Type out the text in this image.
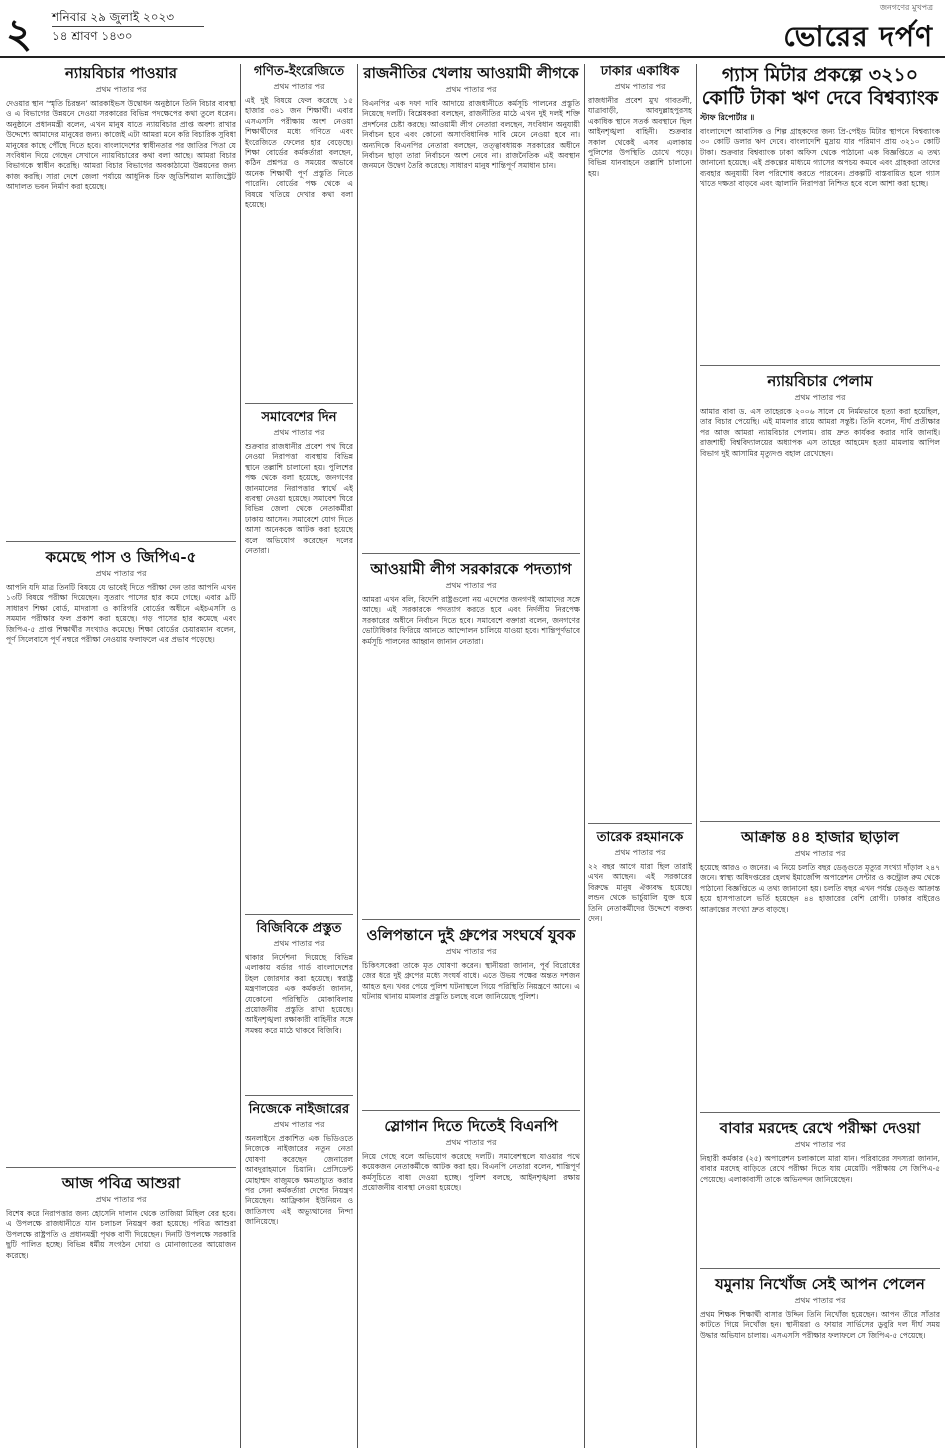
২ শনিবার ২৯ জুলাই ২০২৩
১৪ শ্রাবণ ১৪৩০
জনগণের মুখপত্র
ভোরের দর্পণ
ন্যায়বিচার পাওয়ার
প্রথম পাতার পর
দেওয়ার স্থান ‘স্মৃতি চিরন্তন’ আরকাইভস উদ্বোধন অনুষ্ঠানে তিনি বিচার ব্যবস্থা ও এ বিভাগের উন্নয়নে দেওয়া সরকারের বিভিন্ন পদক্ষেপের কথা তুলে ধরেন। অনুষ্ঠানে প্রধানমন্ত্রী বলেন, এখন মানুষ যাতে ন্যায়বিচার প্রাপ্ত অবশ্য রাখার উদ্দেশ্যে আমাদের মানুষের জন্য। কাজেই এটা আমরা মনে করি বিচারিক সুবিধা মানুষের কাছে পৌঁছে দিতে হবে। বাংলাদেশের স্বাধীনতার পর জাতির পিতা যে সংবিধান দিয়ে গেছেন সেখানে ন্যায়বিচারের কথা বলা আছে। আমরা বিচার বিভাগকে স্বাধীন করেছি। আমরা বিচার বিভাগের অবকাঠামো উন্নয়নের জন্য কাজ করছি। সারা দেশে জেলা পর্যায়ে আধুনিক চিফ জুডিশিয়াল ম্যাজিস্ট্রেট আদালত ভবন নির্মাণ করা হয়েছে।
কমেছে পাস ও জিপিএ-৫
প্রথম পাতার পর
আপনি যদি মাত্র তিনটি বিষয়ে যে ভাবেই দিতে পরীক্ষা দেন তার আপনি এখন ১৩টি বিষয়ে পরীক্ষা দিয়েছেন। সুতরাং পাসের হার কমে গেছে। এবার ৯টি সাধারণ শিক্ষা বোর্ড, মাদরাসা ও কারিগরি বোর্ডের অধীনে এইচএসসি ও সমমান পরীক্ষার ফল প্রকাশ করা হয়েছে। গড় পাসের হার কমেছে এবং জিপিএ-৫ প্রাপ্ত শিক্ষার্থীর সংখ্যাও কমেছে। শিক্ষা বোর্ডের চেয়ারম্যান বলেন, পূর্ণ সিলেবাসে পূর্ণ নম্বরে পরীক্ষা নেওয়ায় ফলাফলে এর প্রভাব পড়েছে।
আজ পবিত্র আশুরা
প্রথম পাতার পর
বিশেষ করে নিরাপত্তার জন্য হোসেনি দালান থেকে তাজিয়া মিছিল বের হবে। এ উপলক্ষে রাজধানীতে যান চলাচল নিয়ন্ত্রণ করা হয়েছে। পবিত্র আশুরা উপলক্ষে রাষ্ট্রপতি ও প্রধানমন্ত্রী পৃথক বাণী দিয়েছেন। দিনটি উপলক্ষে সরকারি ছুটি পালিত হচ্ছে। বিভিন্ন ধর্মীয় সংগঠন দোয়া ও মোনাজাতের আয়োজন করেছে।
গণিত-ইংরেজিতে
প্রথম পাতার পর
এই দুই বিষয়ে ফেল করেছে ১৫ হাজার ৩৪১ জন শিক্ষার্থী। এবার এসএসসি পরীক্ষায় অংশ নেওয়া শিক্ষার্থীদের মধ্যে গণিতে এবং ইংরেজিতে ফেলের হার বেড়েছে। শিক্ষা বোর্ডের কর্মকর্তারা বলছেন, কঠিন প্রশ্নপত্র ও সময়ের অভাবে অনেক শিক্ষার্থী পূর্ণ প্রস্তুতি নিতে পারেনি। বোর্ডের পক্ষ থেকে এ বিষয়ে খতিয়ে দেখার কথা বলা হয়েছে।
সমাবেশের দিন
প্রথম পাতার পর
শুক্রবার রাজধানীর প্রবেশ পথ ঘিরে নেওয়া নিরাপত্তা ব্যবস্থায় বিভিন্ন স্থানে তল্লাশি চালানো হয়। পুলিশের পক্ষ থেকে বলা হয়েছে, জনগণের জানমালের নিরাপত্তার স্বার্থে এই ব্যবস্থা নেওয়া হয়েছে। সমাবেশ ঘিরে বিভিন্ন জেলা থেকে নেতাকর্মীরা ঢাকায় আসেন। সমাবেশে যোগ দিতে আসা অনেককে আটক করা হয়েছে বলে অভিযোগ করেছেন দলের নেতারা।
বিজিবিকে প্রস্তুত
প্রথম পাতার পর
থাকার নির্দেশনা দিয়েছে বিভিন্ন এলাকায় বর্ডার গার্ড বাংলাদেশের টহল জোরদার করা হয়েছে। স্বরাষ্ট্র মন্ত্রণালয়ের এক কর্মকর্তা জানান, যেকোনো পরিস্থিতি মোকাবিলায় প্রয়োজনীয় প্রস্তুতি রাখা হয়েছে। আইনশৃঙ্খলা রক্ষাকারী বাহিনীর সঙ্গে সমন্বয় করে মাঠে থাকবে বিজিবি।
নিজেকে নাইজারের
প্রথম পাতার পর
অনলাইনে প্রকাশিত এক ভিডিওতে নিজেকে নাইজারের নতুন নেতা ঘোষণা করেছেন জেনারেল আবদুরাহমানে চিয়ানি। প্রেসিডেন্ট মোহাম্মদ বাজুমকে ক্ষমতাচ্যুত করার পর সেনা কর্মকর্তারা দেশের নিয়ন্ত্রণ নিয়েছেন। আফ্রিকান ইউনিয়ন ও জাতিসংঘ এই অভ্যুত্থানের নিন্দা জানিয়েছে।
রাজনীতির খেলায় আওয়ামী লীগকে
প্রথম পাতার পর
বিএনপির এক দফা দাবি আদায়ে রাজধানীতে কর্মসূচি পালনের প্রস্তুতি নিয়েছে দলটি। বিশ্লেষকরা বলছেন, রাজনীতির মাঠে এখন দুই দলই শক্তি প্রদর্শনের চেষ্টা করছে। আওয়ামী লীগ নেতারা বলছেন, সংবিধান অনুযায়ী নির্বাচন হবে এবং কোনো অসাংবিধানিক দাবি মেনে নেওয়া হবে না। অন্যদিকে বিএনপির নেতারা বলছেন, তত্ত্বাবধায়ক সরকারের অধীনে নির্বাচন ছাড়া তারা নির্বাচনে অংশ নেবে না। রাজনৈতিক এই অবস্থান জনমনে উদ্বেগ তৈরি করেছে। সাধারণ মানুষ শান্তিপূর্ণ সমাধান চান।
আওয়ামী লীগ সরকারকে পদত্যাগ
প্রথম পাতার পর
আমরা এখন বলি, বিদেশি রাষ্ট্রগুলো নয় এদেশের জনগণই আমাদের সঙ্গে আছে। এই সরকারকে পদত্যাগ করতে হবে এবং নির্দলীয় নিরপেক্ষ সরকারের অধীনে নির্বাচন দিতে হবে। সমাবেশে বক্তারা বলেন, জনগণের ভোটাধিকার ফিরিয়ে আনতে আন্দোলন চালিয়ে যাওয়া হবে। শান্তিপূর্ণভাবে কর্মসূচি পালনের আহ্বান জানান নেতারা।
ওলিপন্তানে দুই গ্রুপের সংঘর্ষে যুবক
প্রথম পাতার পর
চিকিৎসকেরা তাকে মৃত ঘোষণা করেন। স্থানীয়রা জানান, পূর্ব বিরোধের জের ধরে দুই গ্রুপের মধ্যে সংঘর্ষ বাধে। এতে উভয় পক্ষের অন্তত দশজন আহত হন। খবর পেয়ে পুলিশ ঘটনাস্থলে গিয়ে পরিস্থিতি নিয়ন্ত্রণে আনে। এ ঘটনায় থানায় মামলার প্রস্তুতি চলছে বলে জানিয়েছে পুলিশ।
স্লোগান দিতে দিতেই বিএনপি
প্রথম পাতার পর
নিয়ে গেছে বলে অভিযোগ করেছে দলটি। সমাবেশস্থলে যাওয়ার পথে কয়েকজন নেতাকর্মীকে আটক করা হয়। বিএনপি নেতারা বলেন, শান্তিপূর্ণ কর্মসূচিতে বাধা দেওয়া হচ্ছে। পুলিশ বলছে, আইনশৃঙ্খলা রক্ষায় প্রয়োজনীয় ব্যবস্থা নেওয়া হয়েছে।
ঢাকার একাধিক
প্রথম পাতার পর
রাজধানীর প্রবেশ মুখ গাবতলী, যাত্রাবাড়ী, আবদুল্লাহপুরসহ একাধিক স্থানে সতর্ক অবস্থানে ছিল আইনশৃঙ্খলা বাহিনী। শুক্রবার সকাল থেকেই এসব এলাকায় পুলিশের উপস্থিতি চোখে পড়ে। বিভিন্ন যানবাহনে তল্লাশি চালানো হয়।
তারেক রহমানকে
প্রথম পাতার পর
২২ বছর আগে যারা ছিল তারাই এখন আছেন। এই সরকারের বিরুদ্ধে মানুষ ঐক্যবদ্ধ হয়েছে। লন্ডন থেকে ভার্চুয়ালি যুক্ত হয়ে তিনি নেতাকর্মীদের উদ্দেশে বক্তব্য দেন।
গ্যাস মিটার প্রকল্পে ৩২১০ কোটি টাকা ঋণ দেবে বিশ্বব্যাংক
স্টাফ রিপোর্টার ॥
বাংলাদেশে আবাসিক ও শিল্প গ্রাহকদের জন্য প্রি-পেইড মিটার স্থাপনে বিশ্বব্যাংক ৩০ কোটি ডলার ঋণ দেবে। বাংলাদেশি মুদ্রায় যার পরিমাণ প্রায় ৩২১০ কোটি টাকা। শুক্রবার বিশ্বব্যাংক ঢাকা অফিস থেকে পাঠানো এক বিজ্ঞপ্তিতে এ তথ্য জানানো হয়েছে। এই প্রকল্পের মাধ্যমে গ্যাসের অপচয় কমবে এবং গ্রাহকরা তাদের ব্যবহার অনুযায়ী বিল পরিশোধ করতে পারবেন। প্রকল্পটি বাস্তবায়িত হলে গ্যাস খাতে দক্ষতা বাড়বে এবং জ্বালানি নিরাপত্তা নিশ্চিত হবে বলে আশা করা হচ্ছে।
ন্যায়বিচার পেলাম
প্রথম পাতার পর
আমার বাবা ড. এস তাহেরকে ২০০৬ সালে যে নির্মমভাবে হত্যা করা হয়েছিল, তার বিচার পেয়েছি। এই মামলার রায়ে আমরা সন্তুষ্ট। তিনি বলেন, দীর্ঘ প্রতীক্ষার পর আজ আমরা ন্যায়বিচার পেলাম। রায় দ্রুত কার্যকর করার দাবি জানাই। রাজশাহী বিশ্ববিদ্যালয়ের অধ্যাপক এস তাহের আহমেদ হত্যা মামলায় আপিল বিভাগ দুই আসামির মৃত্যুদণ্ড বহাল রেখেছেন।
আক্রান্ত ৪৪ হাজার ছাড়াল
প্রথম পাতার পর
হয়েছে আরও ৩ জনের। এ নিয়ে চলতি বছর ডেঙ্গুতে মৃত্যুর সংখ্যা দাঁড়াল ২৪৭ জনে। স্বাস্থ্য অধিদপ্তরের হেলথ ইমার্জেন্সি অপারেশন সেন্টার ও কন্ট্রোল রুম থেকে পাঠানো বিজ্ঞপ্তিতে এ তথ্য জানানো হয়। চলতি বছর এখন পর্যন্ত ডেঙ্গু আক্রান্ত হয়ে হাসপাতালে ভর্তি হয়েছেন ৪৪ হাজারের বেশি রোগী। ঢাকার বাইরেও আক্রান্তের সংখ্যা দ্রুত বাড়ছে।
বাবার মরদেহ রেখে পরীক্ষা দেওয়া
প্রথম পাতার পর
নিহারী কর্মকার (২৫) অপারেশন চলাকালে মারা যান। পরিবারের সদস্যরা জানান, বাবার মরদেহ বাড়িতে রেখে পরীক্ষা দিতে যায় মেয়েটি। পরীক্ষায় সে জিপিএ-৫ পেয়েছে। এলাকাবাসী তাকে অভিনন্দন জানিয়েছেন।
যমুনায় নিখোঁজ সেই আপন পেলেন
প্রথম পাতার পর
প্রথম শিক্ষক শিক্ষার্থী বাসার উদ্দিন তিনি নিখোঁজ হয়েছেন। আপন তীরে সাঁতার কাটতে গিয়ে নিখোঁজ হন। স্থানীয়রা ও ফায়ার সার্ভিসের ডুবুরি দল দীর্ঘ সময় উদ্ধার অভিযান চালায়। এসএসসি পরীক্ষার ফলাফলে সে জিপিএ-৫ পেয়েছে।
